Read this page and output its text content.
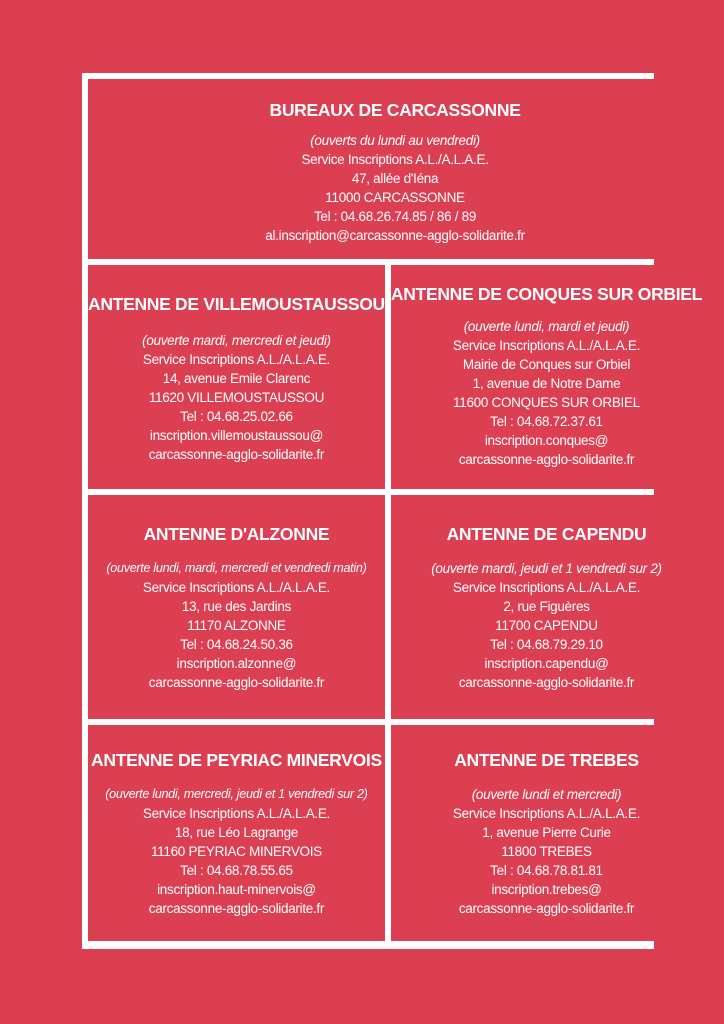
BUREAUX DE CARCASSONNE
(ouverts du lundi au vendredi)
Service Inscriptions A.L./A.L.A.E.
47, allée d'Iéna
11000 CARCASSONNE
Tel : 04.68.26.74.85 / 86 / 89
al.inscription@carcassonne-agglo-solidarite.fr
ANTENNE DE VILLEMOUSTAUSSOU
(ouverte mardi, mercredi et jeudi)
Service Inscriptions A.L./A.L.A.E.
14, avenue Emile Clarenc
11620 VILLEMOUSTAUSSOU
Tel : 04.68.25.02.66
inscription.villemoustaussou@
carcassonne-agglo-solidarite.fr
ANTENNE DE CONQUES SUR ORBIEL
(ouverte lundi, mardi et jeudi)
Service Inscriptions A.L./A.L.A.E.
Mairie de Conques sur Orbiel
1, avenue de Notre Dame
11600 CONQUES SUR ORBIEL
Tel : 04.68.72.37.61
inscription.conques@
carcassonne-agglo-solidarite.fr
ANTENNE D'ALZONNE
(ouverte lundi, mardi, mercredi et vendredi matin)
Service Inscriptions A.L./A.L.A.E.
13, rue des Jardins
11170 ALZONNE
Tel : 04.68.24.50.36
inscription.alzonne@
carcassonne-agglo-solidarite.fr
ANTENNE DE CAPENDU
(ouverte mardi, jeudi et 1 vendredi sur 2)
Service Inscriptions A.L./A.L.A.E.
2, rue Figuères
11700 CAPENDU
Tel : 04.68.79.29.10
inscription.capendu@
carcassonne-agglo-solidarite.fr
ANTENNE DE PEYRIAC MINERVOIS
(ouverte lundi, mercredi, jeudi et 1 vendredi sur 2)
Service Inscriptions A.L./A.L.A.E.
18, rue Léo Lagrange
11160 PEYRIAC MINERVOIS
Tel : 04.68.78.55.65
inscription.haut-minervois@
carcassonne-agglo-solidarite.fr
ANTENNE DE TREBES
(ouverte lundi et mercredi)
Service Inscriptions A.L./A.L.A.E.
1, avenue Pierre Curie
11800 TREBES
Tel : 04.68.78.81.81
inscription.trebes@
carcassonne-agglo-solidarite.fr
